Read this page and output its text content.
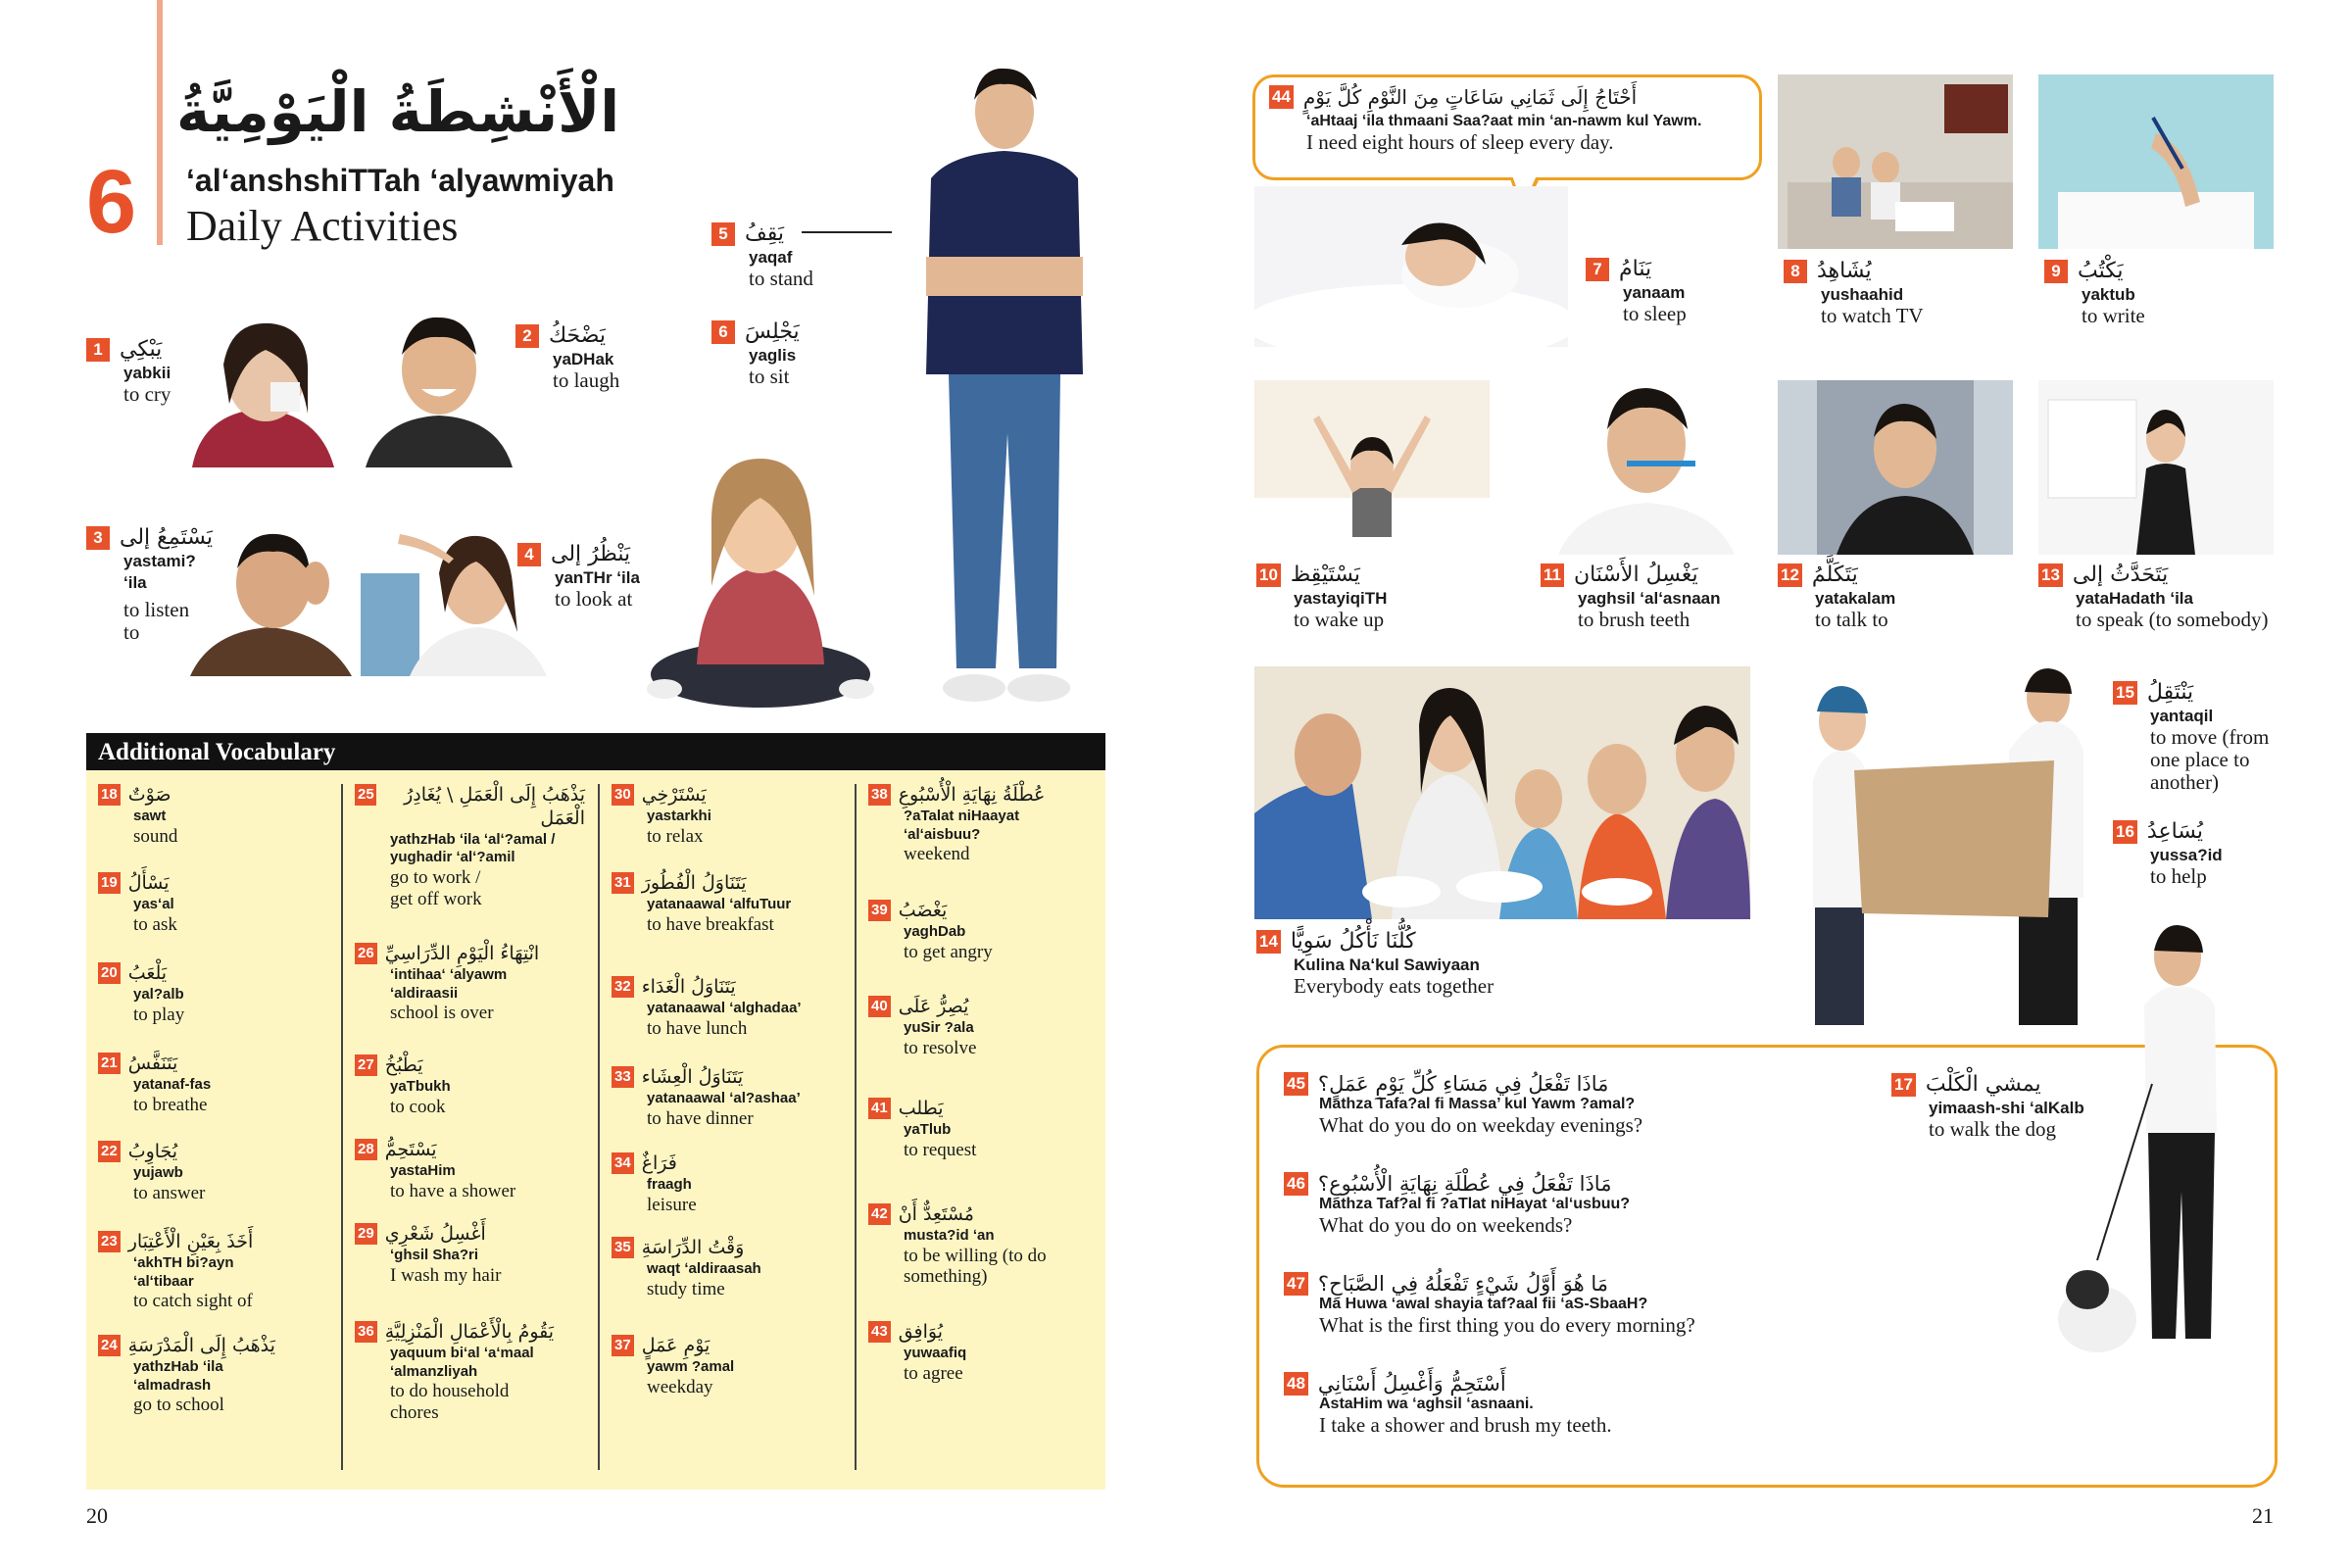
6
الْأَنْشِطَةُ الْيَوْمِيَّةُ
ʻalʻanshshiTTah ʻalyawmiyah
Daily Activities
1 يَبْكِي
yabkii
to cry
2 يَضْحَكُ
yaDHak
to laugh
3 يَسْتَمِعُ إلى
yastami?
ʻila
to listen
to
4 يَنْظُرُ إلى
yanTHr ʻila
to look at
5 يَقِفُ
yaqaf
to stand
6 يَجْلِسَ
yaglis
to sit
Additional Vocabulary
18 صَوْتٌ
sawt
sound
19 يَسْأَلُ
yasʻal
to ask
20 يَلْعَبُ
yal?alb
to play
21 يَتَنَفَّسُ
yatanaf-fas
to breathe
22 يُجَاوِبُ
yujawb
to answer
23 أَخَذَ بِعَيْنِ الْأَعْتِبَار
ʻakhTH bi?ayn
ʻalʻtibaar
to catch sight of
24 يَذْهَبُ إِلَى الْمَدْرَسَةِ
yathzHab ʻila
ʻalmadrash
go to school
25	يَذْهَبُ إِلَى الْعَمَلِ \ يُغَادِرُ الْعَمَل
yathzHab ʻila ʻalʻ?amal /
yughadir ʻalʻ?amil
go to work /
get off work
26 انْتِهَاءُ الْيَوْمِ الدِّرَاسِيِّ
ʻintihaaʻ ʻalyawm
ʻaldiraasii
school is over
27 يَطْبُخُ
yaTbukh
to cook
28 يَسْتَحِمُّ
yastaHim
to have a shower
29 أَغْسِلُ شَعْرِي
ʻghsil Sha?ri
I wash my hair
36 يَقُومُ بِالْأَعْمَالِ الْمَنْزِلِيَّةِ
yaquum biʻal ʻaʻmaal
ʻalmanzliyah
to do household
chores
30 يَسْتَرْخِي
yastarkhi
to relax
31 يَتَنَاوَلُ الْفُطُورَ
yatanaawal ʻalfuTuur
to have breakfast
32 يَتَنَاوَلُ الْغَدَاء
yatanaawal ʻalghadaa’
to have lunch
33 يَتَنَاوَلُ الْعِشَاء
yatanaawal ʻal?ashaa’
to have dinner
34 فَرَاغٌ
fraagh
leisure
35 وَقْتُ الدِّرَاسَةِ
waqt ʻaldiraasah
study time
37 يَوْمِ عَمَلٍ
yawm ?amal
weekday
38 عُطْلَةُ نِهَايَةِ الْأُسْبُوعِ
?aTalat niHaayat
ʻalʻaisbuu?
weekend
39 يَغْضَبُ
yaghDab
to get angry
40 يُصِرُّ عَلَى
yuSir ?ala
to resolve
41 يَطلب
yaTlub
to request
42 مُسْتَعِدٌّ أَنْ
musta?id ʻan
to be willing (to do
something)
43 يُوَافِق
yuwaafiq
to agree
20
44 أَحْتَاجُ إِلَى ثَمَانِي سَاعَاتٍ مِنَ النَّوْمِ كُلَّ يَوْمٍ
ʻaHtaaj ʻila thmaani Saa?aat min ʻan-nawm kul Yawm.
I need eight hours of sleep every day.
7 يَنَامُ
yanaam
to sleep
8 يُشَاهِدُ
yushaahid
to watch TV
9 يَكْتُبُ
yaktub
to write
10 يَسْتَيْقِظ
yastayiqiTH
to wake up
11 يَغْسِلُ الأَسْنَان
yaghsil ʻalʻasnaan
to brush teeth
12 يَتَكَلَّمُ
yatakalam
to talk to
13 يَتَحَدَّثُ إلى
yataHadath ʻila
to speak (to somebody)
14 كُلُّنَا نَأْكُلُ سَوِيًّا
Kulina Naʻkul Sawiyaan
Everybody eats together
15 يَنْتَقِلُ
yantaqil
to move (from
one place to
another)
16 يُسَاعِدُ
yussa?id
to help
45 مَاذَا تَفْعَلُ فِي مَسَاءِ كُلِّ يَوْمِ عَمَلٍ؟
Mathza Tafa?al fi Massa’ kul Yawm ?amal?
What do you do on weekday evenings?
46 مَاذَا تَفْعَلُ فِي عُطْلَةِ نِهَايَةِ الْأُسْبُوعِ؟
Mathza Taf?al fi ?aTlat niHayat ʻalʻusbuu?
What do you do on weekends?
47 مَا هُوَ أَوَّلُ شَيْءٍ تَفْعَلُهُ فِي الصَّبَاحِ؟
Ma Huwa ʻawal shayia taf?aal fii ʻaS-SbaaH?
What is the first thing you do every morning?
48 أَسْتَحِمُّ وَأَغْسِلُ أَسْنَانِي
AstaHim wa ʻaghsil ʻasnaani.
I take a shower and brush my teeth.
17 يمشي الْكَلْبَ
yimaash-shi ʻalKalb
to walk the dog
21
